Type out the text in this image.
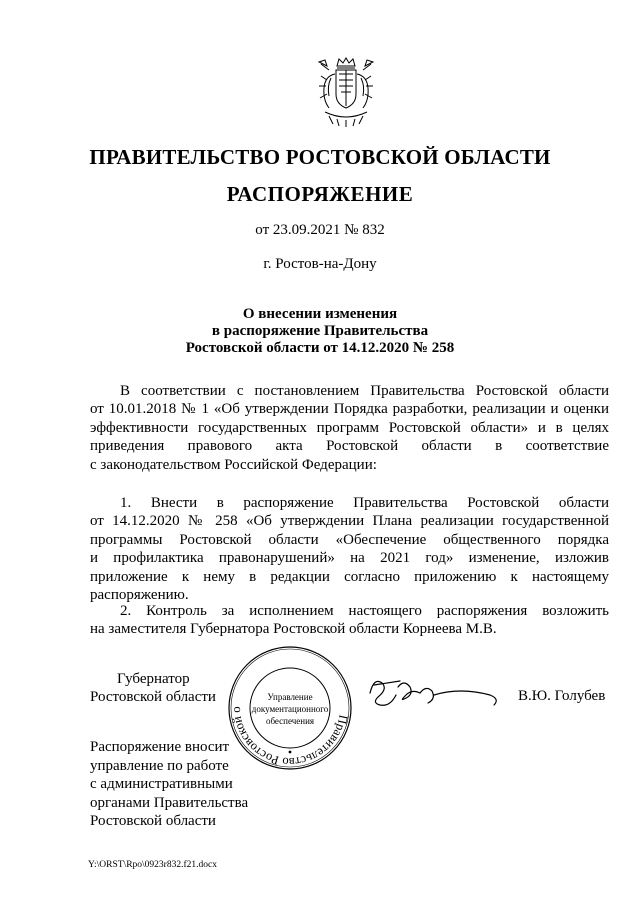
ПРАВИТЕЛЬСТВО РОСТОВСКОЙ ОБЛАСТИ
РАСПОРЯЖЕНИЕ
от 23.09.2021 № 832
г. Ростов-на-Дону
О внесении изменения
в распоряжение Правительства
Ростовской области от 14.12.2020 № 258
В соответствии с постановлением Правительства Ростовской области
от 10.01.2018 № 1 «Об утверждении Порядка разработки, реализации и оценки
эффективности государственных программ Ростовской области» и в целях
приведения правового акта Ростовской области в соответствие
с законодательством Российской Федерации:
1. Внести в распоряжение Правительства Ростовской области
от 14.12.2020 № 258 «Об утверждении Плана реализации государственной
программы Ростовской области «Обеспечение общественного порядка
и профилактика правонарушений» на 2021 год» изменение, изложив
приложение к нему в редакции согласно приложению к настоящему
распоряжению.
2. Контроль за исполнением настоящего распоряжения возложить
на заместителя Губернатора Ростовской области Корнеева М.В.
Губернатор
Ростовской области
Правительство Ростовской о
Управление
документационного
обеспечения
В.Ю. Голубев
Распоряжение вносит
управление по работе
с административными
органами Правительства
Ростовской области
Y:\ORST\Rpo\0923r832.f21.docx
